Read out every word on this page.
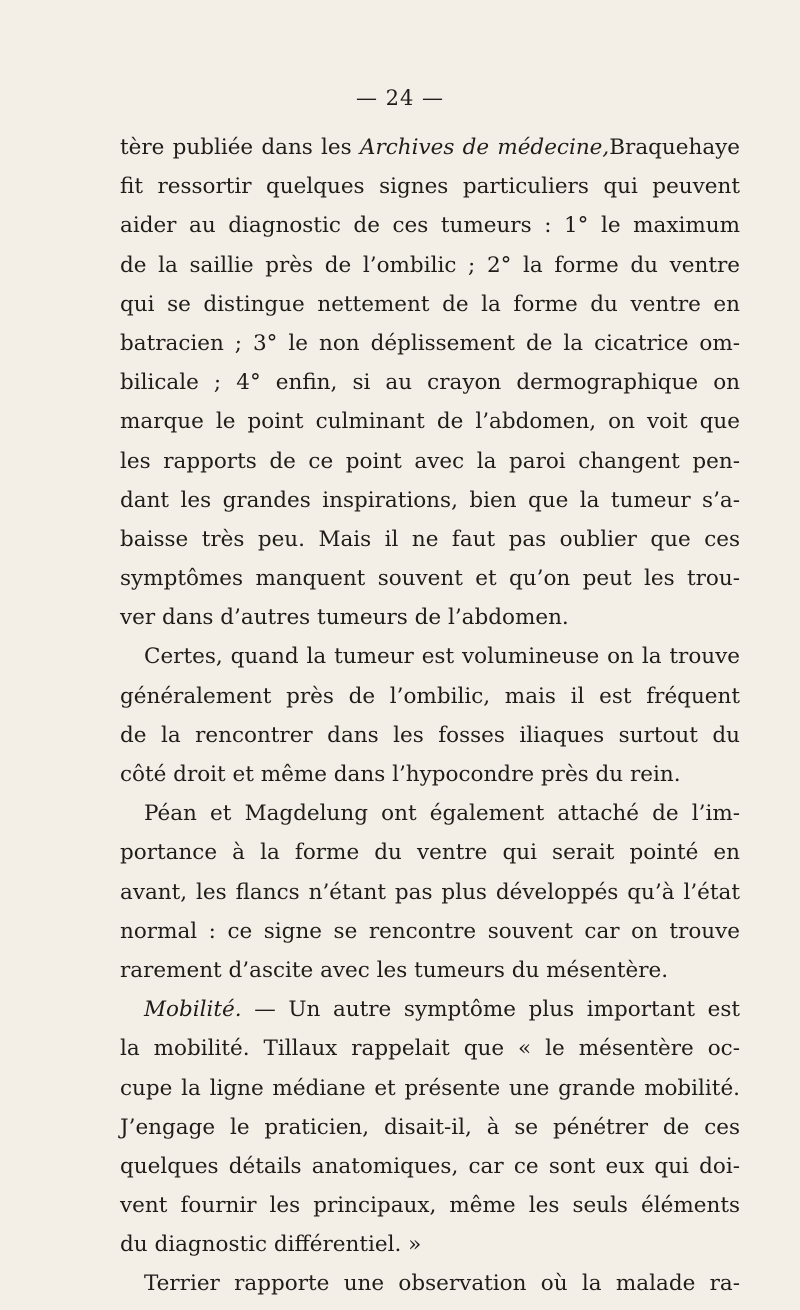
— 24 —
tère publiée dans les Archives de médecine,Braquehaye
fit ressortir quelques signes particuliers qui peuvent
aider au diagnostic de ces tumeurs : 1° le maximum
de la saillie près de l’ombilic ; 2° la forme du ventre
qui se distingue nettement de la forme du ventre en
batracien ; 3° le non déplissement de la cicatrice om-
bilicale ; 4° enfin, si au crayon dermographique on
marque le point culminant de l’abdomen, on voit que
les rapports de ce point avec la paroi changent pen-
dant les grandes inspirations, bien que la tumeur s’a-
baisse très peu. Mais il ne faut pas oublier que ces
symptômes manquent souvent et qu’on peut les trou-
ver dans d’autres tumeurs de l’abdomen.
Certes, quand la tumeur est volumineuse on la trouve
généralement près de l’ombilic, mais il est fréquent
de la rencontrer dans les fosses iliaques surtout du
côté droit et même dans l’hypocondre près du rein.
Péan et Magdelung ont également attaché de l’im-
portance à la forme du ventre qui serait pointé en
avant, les flancs n’étant pas plus développés qu’à l’état
normal : ce signe se rencontre souvent car on trouve
rarement d’ascite avec les tumeurs du mésentère.
Mobilité. — Un autre symptôme plus important est
la mobilité. Tillaux rappelait que « le mésentère oc-
cupe la ligne médiane et présente une grande mobilité.
J’engage le praticien, disait-il, à se pénétrer de ces
quelques détails anatomiques, car ce sont eux qui doi-
vent fournir les principaux, même les seuls éléments
du diagnostic différentiel. »
Terrier rapporte une observation où la malade ra-
